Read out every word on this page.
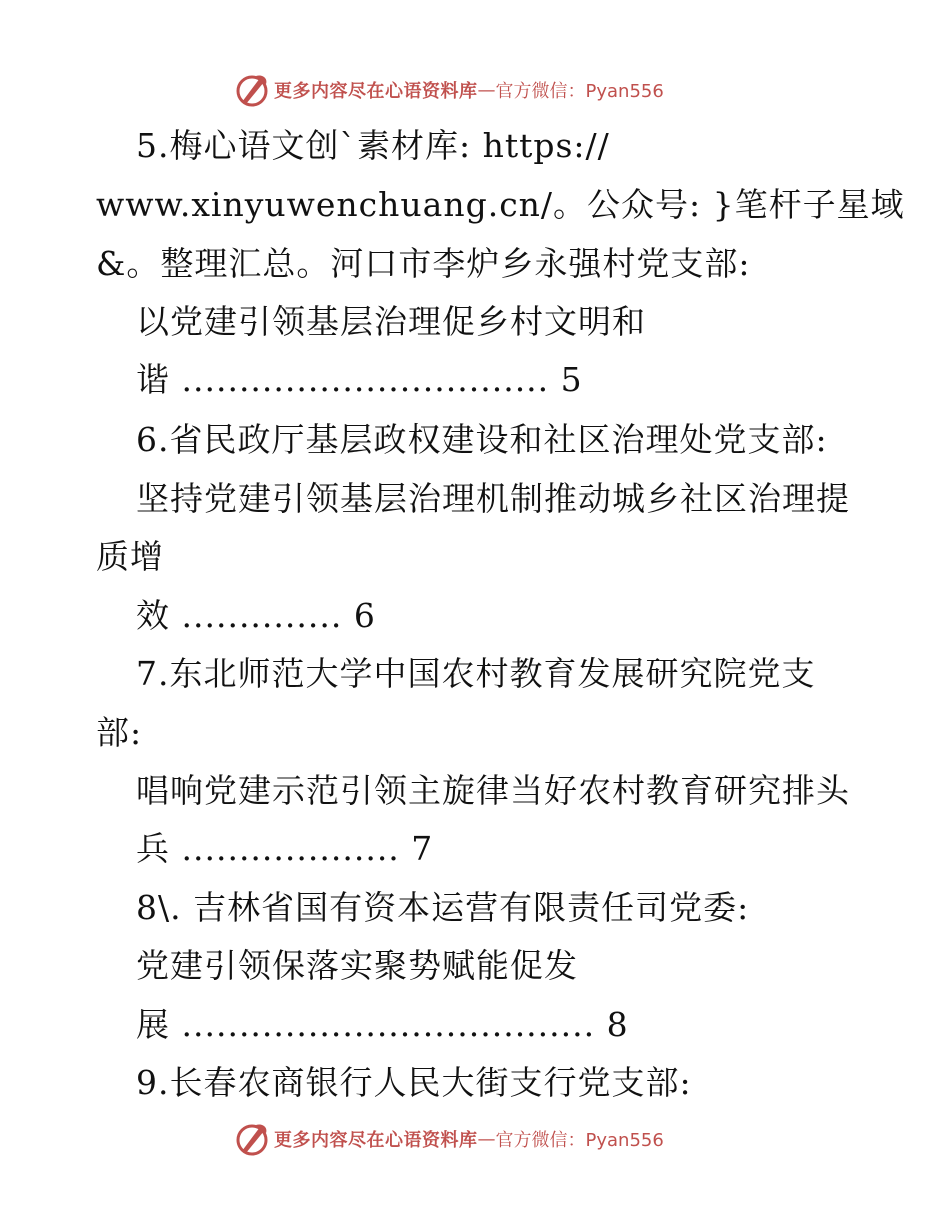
更多内容尽在心语资料库 — 官方微信：Pyan556
5.梅心语文创`素材库: https://
www.xinyuwenchuang.cn/。公众号: }笔杆子星域
&。整理汇总。河口市李炉乡永强村党支部:
以党建引领基层治理促乡村文明和
谐 ................................ 5
6.省民政厅基层政权建设和社区治理处党支部:
坚持党建引领基层治理机制推动城乡社区治理提
质增
效 .............. 6
7.东北师范大学中国农村教育发展研究院党支
部:
唱响党建示范引领主旋律当好农村教育研究排头
兵 ................... 7
8\. 吉林省国有资本运营有限责任司党委:
党建引领保落实聚势赋能促发
展 .................................... 8
9.长春农商银行人民大街支行党支部:
更多内容尽在心语资料库 — 官方微信：Pyan556
